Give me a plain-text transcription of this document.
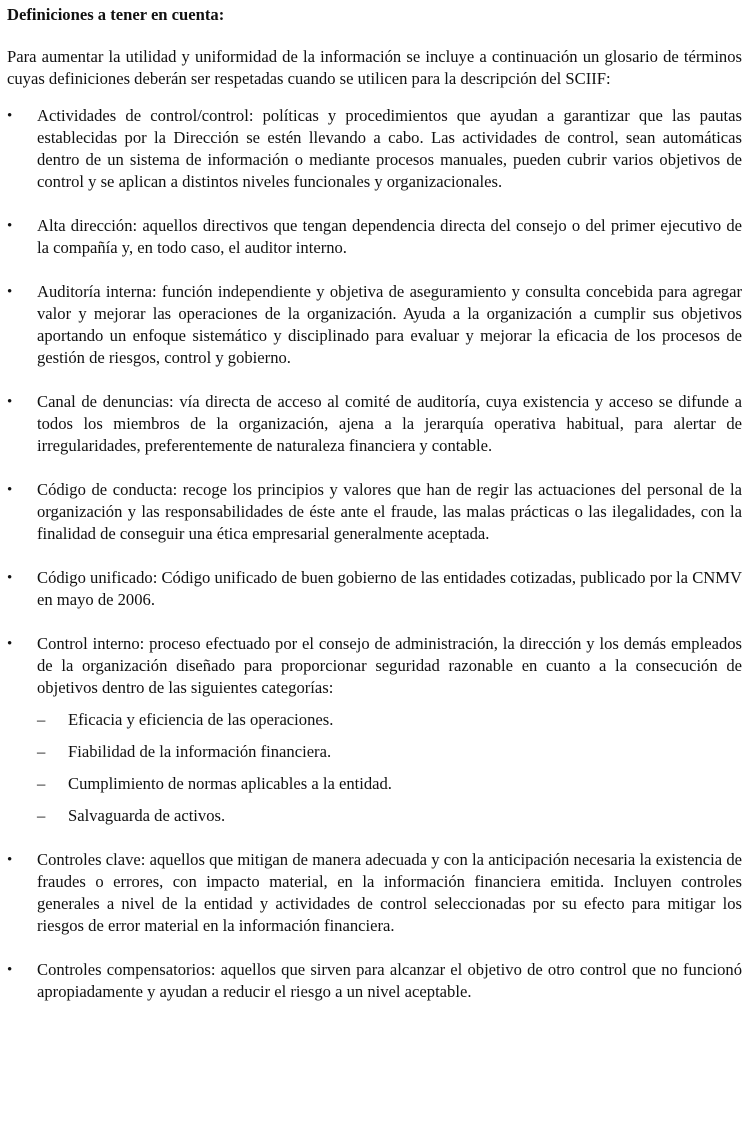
Definiciones a tener en cuenta:

Para aumentar la utilidad y uniformidad de la información se incluye a continuación un glosario de términos cuyas definiciones deberán ser respetadas cuando se utilicen para la descripción del SCIIF:

• Actividades de control/control: políticas y procedimientos que ayudan a garantizar que las pautas establecidas por la Dirección se estén llevando a cabo. Las actividades de control, sean automáticas dentro de un sistema de información o mediante procesos manuales, pueden cubrir varios objetivos de control y se aplican a distintos niveles funcionales y organizacionales.
• Alta dirección: aquellos directivos que tengan dependencia directa del consejo o del primer ejecutivo de la compañía y, en todo caso, el auditor interno.
• Auditoría interna: función independiente y objetiva de aseguramiento y consulta concebida para agregar valor y mejorar las operaciones de la organización. Ayuda a la organización a cumplir sus objetivos aportando un enfoque sistemático y disciplinado para evaluar y mejorar la eficacia de los procesos de gestión de riesgos, control y gobierno.
• Canal de denuncias: vía directa de acceso al comité de auditoría, cuya existencia y acceso se difunde a todos los miembros de la organización, ajena a la jerarquía operativa habitual, para alertar de irregularidades, preferentemente de naturaleza financiera y contable.
• Código de conducta: recoge los principios y valores que han de regir las actuaciones del personal de la organización y las responsabilidades de éste ante el fraude, las malas prácticas o las ilegalidades, con la finalidad de conseguir una ética empresarial generalmente aceptada.
• Código unificado: Código unificado de buen gobierno de las entidades cotizadas, publicado por la CNMV en mayo de 2006.
• Control interno: proceso efectuado por el consejo de administración, la dirección y los demás empleados de la organización diseñado para proporcionar seguridad razonable en cuanto a la consecución de objetivos dentro de las siguientes categorías:
– Eficacia y eficiencia de las operaciones.
– Fiabilidad de la información financiera.
– Cumplimiento de normas aplicables a la entidad.
– Salvaguarda de activos.
• Controles clave: aquellos que mitigan de manera adecuada y con la anticipación necesaria la existencia de fraudes o errores, con impacto material, en la información financiera emitida. Incluyen controles generales a nivel de la entidad y actividades de control seleccionadas por su efecto para mitigar los riesgos de error material en la información financiera.
• Controles compensatorios: aquellos que sirven para alcanzar el objetivo de otro control que no funcionó apropiadamente y ayudan a reducir el riesgo a un nivel aceptable.
